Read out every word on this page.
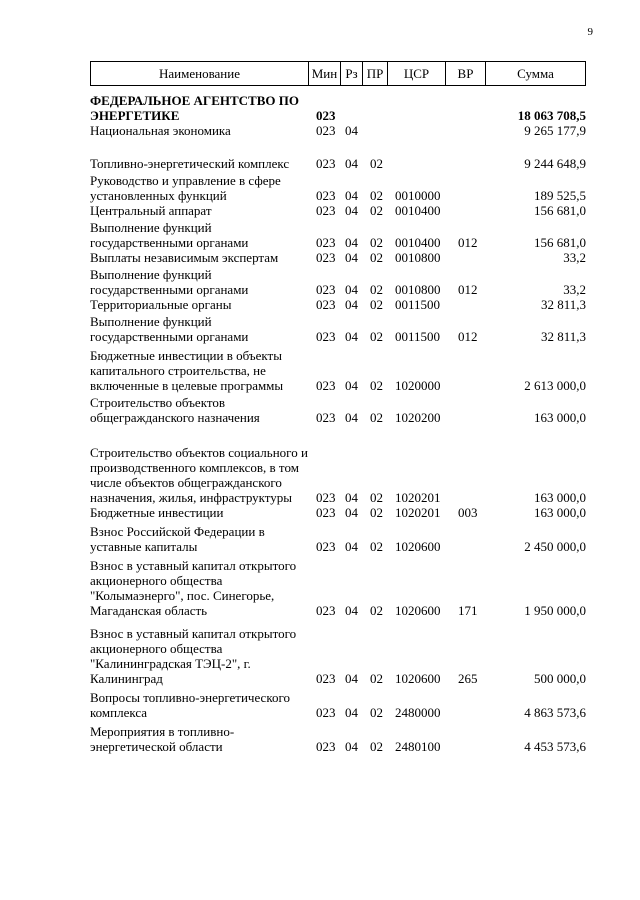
9
Наименование	Мин Рз ПР	ЦСР	ВР	Сумма
ФЕДЕРАЛЬНОЕ АГЕНТСТВО ПО ЭНЕРГЕТИКЕ	023	18 063 708,5
Национальная экономика	023 04	9 265 177,9
Топливно-энергетический комплекс	023 04 02	9 244 648,9
Руководство и управление в сфере установленных функций	023 04 02 0010000	189 525,5
Центральный аппарат	023 04 02 0010400	156 681,0
Выполнение функций государственными органами	023 04 02 0010400 012	156 681,0
Выплаты независимым экспертам	023 04 02 0010800	33,2
Выполнение функций государственными органами	023 04 02 0010800 012	33,2
Территориальные органы	023 04 02 0011500	32 811,3
Выполнение функций государственными органами	023 04 02 0011500 012	32 811,3
Бюджетные инвестиции в объекты капитального строительства, не включенные в целевые программы	023 04 02 1020000	2 613 000,0
Строительство объектов общегражданского назначения	023 04 02 1020200	163 000,0
Строительство объектов социального и производственного комплексов, в том числе объектов общегражданского назначения, жилья, инфраструктуры	023 04 02 1020201	163 000,0
Бюджетные инвестиции	023 04 02 1020201 003	163 000,0
Взнос Российской Федерации в уставные капиталы	023 04 02 1020600	2 450 000,0
Взнос в уставный капитал открытого акционерного общества "Колымаэнерго", пос. Синегорье, Магаданская область	023 04 02 1020600 171	1 950 000,0
Взнос в уставный капитал открытого акционерного общества "Калининградская ТЭЦ-2", г. Калининград	023 04 02 1020600 265	500 000,0
Вопросы топливно-энергетического комплекса	023 04 02 2480000	4 863 573,6
Мероприятия в топливно-энергетической области	023 04 02 2480100	4 453 573,6
